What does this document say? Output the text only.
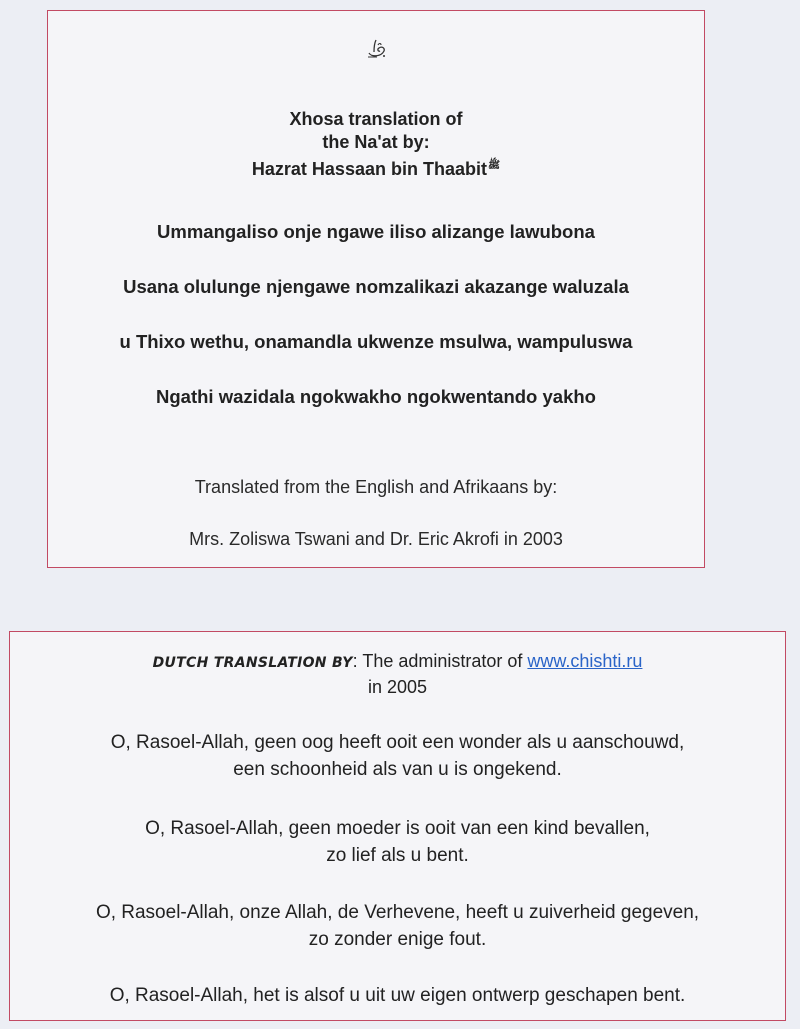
Xhosa translation of
the Na'at by:
Hazrat Hassaan bin Thaabit$^ﷺ$
Ummangaliso onje ngawe iliso alizange lawubona
Usana olulunge njengawe nomzalikazi akazange waluzala
u Thixo wethu, onamandla ukwenze msulwa, wampuluswa
Ngathi wazidala ngokwakho ngokwentando yakho
Translated from the English and Afrikaans by:
Mrs. Zoliswa Tswani and Dr. Eric Akrofi in 2003
DUTCH TRANSLATION BY: The administrator of www.chishti.ru
in 2005
O, Rasoel-Allah, geen oog heeft ooit een wonder als u aanschouwd,
een schoonheid als van u is ongekend.
O, Rasoel-Allah, geen moeder is ooit van een kind bevallen,
zo lief als u bent.
O, Rasoel-Allah, onze Allah, de Verhevene, heeft u zuiverheid gegeven,
zo zonder enige fout.
O, Rasoel-Allah, het is alsof u uit uw eigen ontwerp geschapen bent.
